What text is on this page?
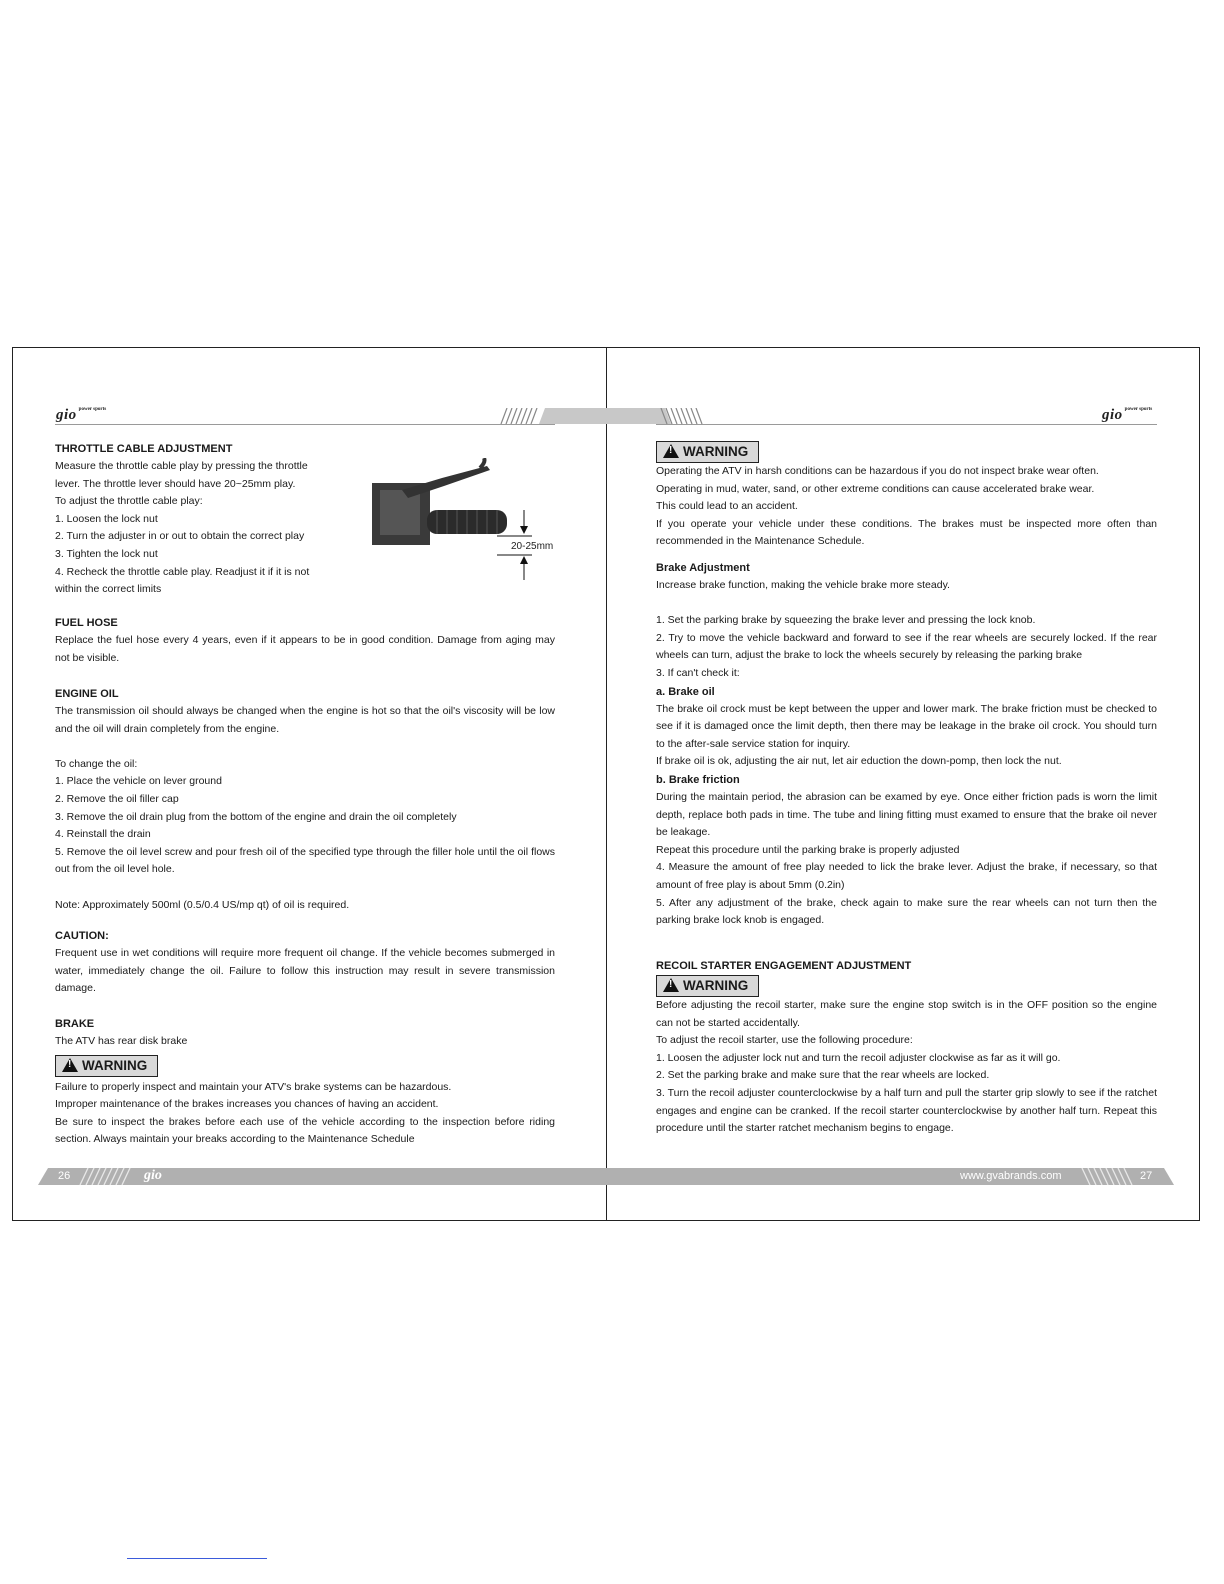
gio $^{power sports}$	gio $^{power sports}$
THROTTLE CABLE ADJUSTMENT

Measure the throttle cable play by pressing the throttle

lever. The throttle lever should have 20~25mm play.

To adjust the throttle cable play:

1. Loosen the lock nut

2. Turn the adjuster in or out to obtain the correct play

3. Tighten the lock nut

4. Recheck the throttle cable play. Readjust it if it is not

within the correct limits

20-25mm
FUEL HOSE

Replace the fuel hose every 4 years, even if it appears to be in good condition. Damage from aging may not be visible.

ENGINE OIL

The transmission oil should always be changed when the engine is hot so that the oil's viscosity will be low and the oil will drain completely from the engine.

To change the oil:

1. Place the vehicle on lever ground

2. Remove the oil filler cap

3. Remove the oil drain plug from the bottom of the engine and drain the oil completely

4. Reinstall the drain

5. Remove the oil level screw and pour fresh oil of the specified type through the filler hole until the oil flows out from the oil level hole.

Note: Approximately 500ml (0.5/0.4 US/mp qt) of oil is required.

CAUTION:

Frequent use in wet conditions will require more frequent oil change. If the vehicle becomes submerged in water, immediately change the oil. Failure to follow this instruction may result in severe transmission damage.

BRAKE

The ATV has rear disk brake

!WARNING

Failure to properly inspect and maintain your ATV's brake systems can be hazardous.

Improper maintenance of the brakes increases you chances of having an accident.

Be sure to inspect the brakes before each use of the vehicle according to the inspection before riding section. Always maintain your breaks according to the Maintenance Schedule

!WARNING

Operating the ATV in harsh conditions can be hazardous if you do not inspect brake wear often.

Operating in mud, water, sand, or other extreme conditions can cause accelerated brake wear.

This could lead to an accident.

If you operate your vehicle under these conditions. The brakes must be inspected more often than recommended in the Maintenance Schedule.

Brake Adjustment

Increase brake function, making the vehicle brake more steady.

1. Set the parking brake by squeezing the brake lever and pressing the lock knob.

2. Try to move the vehicle backward and forward to see if the rear wheels are securely locked. If the rear wheels can turn, adjust the brake to lock the wheels securely by releasing the parking brake

3. If can't check it:

a. Brake oil

The brake oil crock must be kept between the upper and lower mark. The brake friction must be checked to see if it is damaged once the limit depth, then there may be leakage in the brake oil crock. You should turn to the after-sale service station for inquiry.

If brake oil is ok, adjusting the air nut, let air eduction the down-pomp, then lock the nut.

b. Brake friction

During the maintain period, the abrasion can be examed by eye. Once either friction pads is worn the limit depth, replace both pads in time. The tube and lining fitting must examed to ensure that the brake oil never be leakage.

Repeat this procedure until the parking brake is properly adjusted

4. Measure the amount of free play needed to lick the brake lever. Adjust the brake, if necessary, so that amount of free play is about 5mm (0.2in)

5. After any adjustment of the brake, check again to make sure the rear wheels can not turn then the parking brake lock knob is engaged.

RECOIL STARTER ENGAGEMENT ADJUSTMENT
!WARNING

Before adjusting the recoil starter, make sure the engine stop switch is in the OFF position so the engine can not be started accidentally.

To adjust the recoil starter, use the following procedure:

1. Loosen the adjuster lock nut and turn the recoil adjuster clockwise as far as it will go.

2. Set the parking brake and make sure that the rear wheels are locked.

3. Turn the recoil adjuster counterclockwise by a half turn and pull the starter grip slowly to see if the ratchet engages and engine can be cranked. If the recoil starter counterclockwise by another half turn. Repeat this procedure until the starter ratchet mechanism begins to engage.

26	gio	www.gvabrands.com	27
